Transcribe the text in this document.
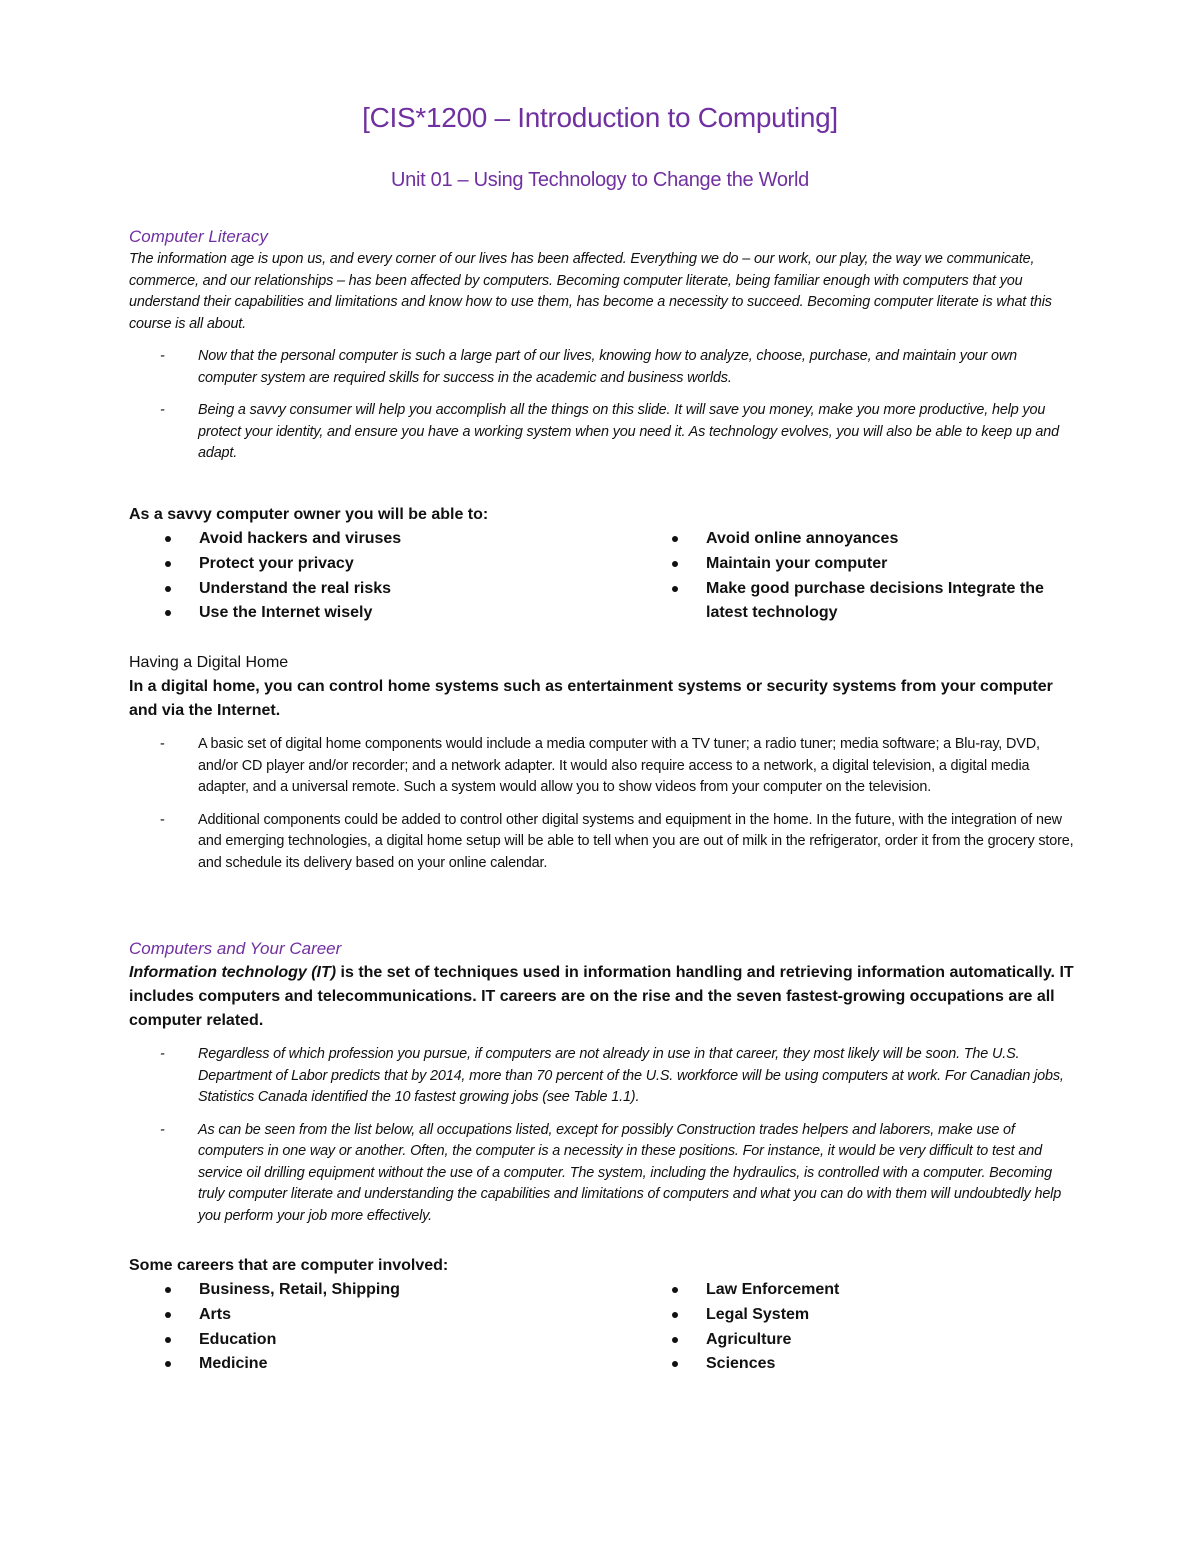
[CIS*1200 – Introduction to Computing]
Unit 01 – Using Technology to Change the World

Computer Literacy

The information age is upon us, and every corner of our lives has been affected. Everything we do – our work, our play, the way we communicate, commerce, and our relationships – has been affected by computers. Becoming computer literate, being familiar enough with computers that you understand their capabilities and limitations and know how to use them, has become a necessity to succeed. Becoming computer literate is what this course is all about.

- Now that the personal computer is such a large part of our lives, knowing how to analyze, choose, purchase, and maintain your own computer system are required skills for success in the academic and business worlds.

- Being a savvy consumer will help you accomplish all the things on this slide. It will save you money, make you more productive, help you protect your identity, and ensure you have a working system when you need it. As technology evolves, you will also be able to keep up and adapt.

As a savvy computer owner you will be able to:

Avoid hackers and viruses
Protect your privacy
Understand the real risks
Use the Internet wisely
Avoid online annoyances
Maintain your computer
Make good purchase decisions Integrate the latest technology

Having a Digital Home

In a digital home, you can control home systems such as entertainment systems or security systems from your computer and via the Internet.

- A basic set of digital home components would include a media computer with a TV tuner; a radio tuner; media software; a Blu-ray, DVD, and/or CD player and/or recorder; and a network adapter. It would also require access to a network, a digital television, a digital media adapter, and a universal remote. Such a system would allow you to show videos from your computer on the television.

- Additional components could be added to control other digital systems and equipment in the home. In the future, with the integration of new and emerging technologies, a digital home setup will be able to tell when you are out of milk in the refrigerator, order it from the grocery store, and schedule its delivery based on your online calendar.

Computers and Your Career

Information technology (IT) is the set of techniques used in information handling and retrieving information automatically. IT includes computers and telecommunications. IT careers are on the rise and the seven fastest-growing occupations are all computer related.

- Regardless of which profession you pursue, if computers are not already in use in that career, they most likely will be soon. The U.S. Department of Labor predicts that by 2014, more than 70 percent of the U.S. workforce will be using computers at work. For Canadian jobs, Statistics Canada identified the 10 fastest growing jobs (see Table 1.1).

- As can be seen from the list below, all occupations listed, except for possibly Construction trades helpers and laborers, make use of computers in one way or another. Often, the computer is a necessity in these positions. For instance, it would be very difficult to test and service oil drilling equipment without the use of a computer. The system, including the hydraulics, is controlled with a computer. Becoming truly computer literate and understanding the capabilities and limitations of computers and what you can do with them will undoubtedly help you perform your job more effectively.

Some careers that are computer involved:

Business, Retail, Shipping
Arts
Education
Medicine
Law Enforcement
Legal System
Agriculture
Sciences
